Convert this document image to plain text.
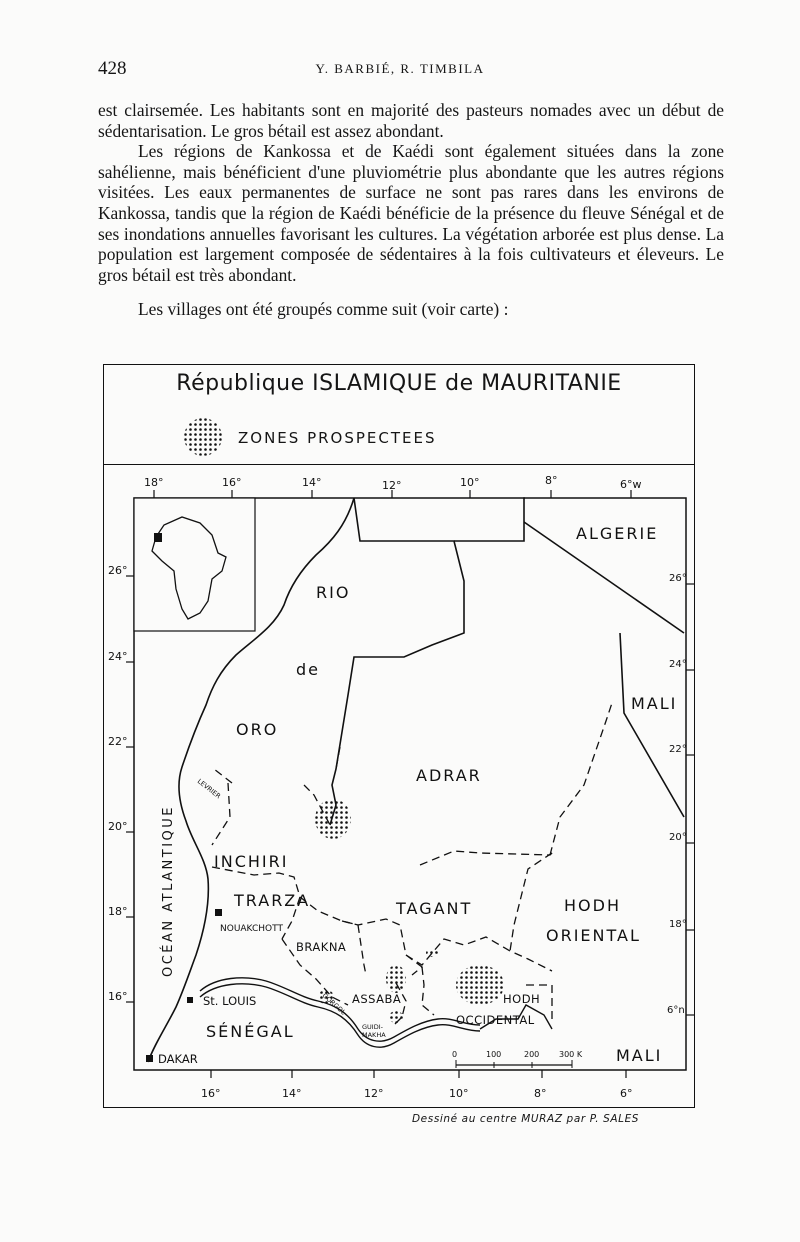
428	Y. BARBIÉ, R. TIMBILA

est clairsemée. Les habitants sont en majorité des pasteurs nomades avec un début de sédentarisation. Le gros bétail est assez abondant.

Les régions de Kankossa et de Kaédi sont également situées dans la zone sahélienne, mais bénéficient d'une pluviométrie plus abondante que les autres régions visitées. Les eaux permanentes de surface ne sont pas rares dans les environs de Kankossa, tandis que la région de Kaédi bénéficie de la présence du fleuve Sénégal et de ses inondations annuelles favorisant les cultures. La végétation arborée est plus dense. La population est largement composée de sédentaires à la fois cultivateurs et éleveurs. Le gros bétail est très abondant.

Les villages ont été groupés comme suit (voir carte) :

République ISLAMIQUE de MAURITANIE
ZONES PROSPECTEES
18°	16°	14°	12°	10°	8°	6°w
16°	14°	12°	10°	8°	6°
26°
24°
22°
20°
18°
16°
26°
24°
22°
20°
18°
6°n
RIO
de
ORO
ALGERIE
MALI
ADRAR
INCHIRI
TRARZA	TAGANT	HODH
ORIENTAL
SÉNÉGAL
MALI
BRAKNA
ASSABA	HODH
OCCIDENTAL
LEVRIER
GORGOL
GUIDI-
MAKHA
NOUAKCHOTT
St. LOUIS
DAKAR
OCÉAN ATLANTIQUE
0	100	200 300 K
Dessiné au centre MURAZ par P. SALES
